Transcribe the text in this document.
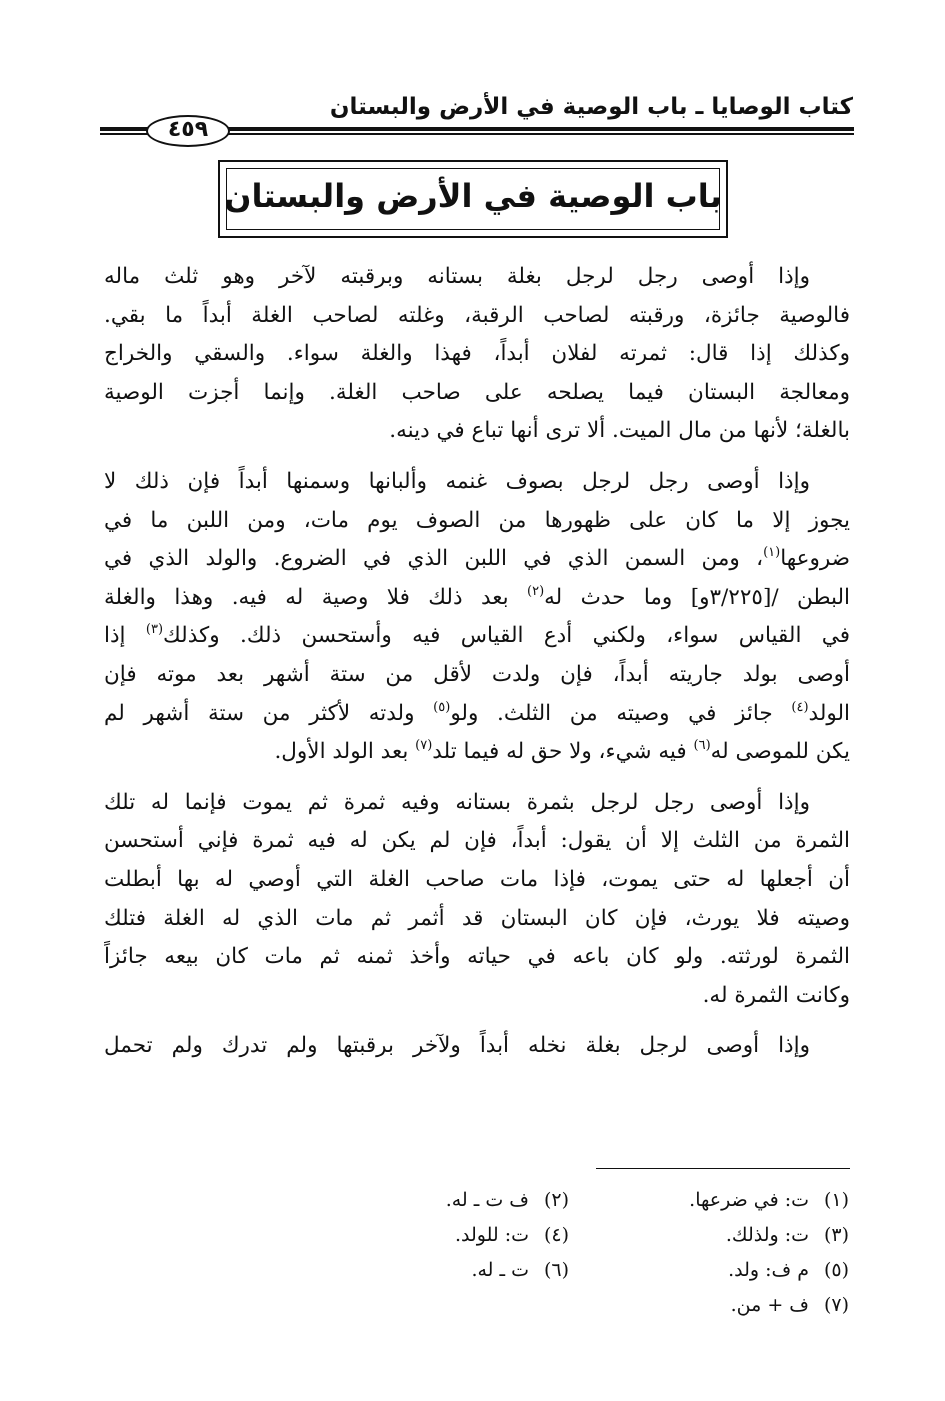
كتاب الوصايا ـ باب الوصية في الأرض والبستان
٤٥٩
باب الوصية في الأرض والبستان
وإذا أوصى رجل لرجل بغلة بستانه وبرقبته لآخر وهو ثلث ماله
فالوصية جائزة، ورقبته لصاحب الرقبة، وغلته لصاحب الغلة أبداً ما بقي.
وكذلك إذا قال: ثمرته لفلان أبداً، فهذا والغلة سواء. والسقي والخراج
ومعالجة البستان فيما يصلحه على صاحب الغلة. وإنما أجزت الوصية
بالغلة؛ لأنها من مال الميت. ألا ترى أنها تباع في دينه.
وإذا أوصى رجل لرجل بصوف غنمه وألبانها وسمنها أبداً فإن ذلك لا
يجوز إلا ما كان على ظهورها من الصوف يوم مات، ومن اللبن ما في
ضروعها$^{(١)}$، ومن السمن الذي في اللبن الذي في الضروع. والولد الذي في
البطن /[٣/٢٢٥و] وما حدث له$^{(٢)}$ بعد ذلك فلا وصية له فيه. وهذا والغلة
في القياس سواء، ولكني أدع القياس فيه وأستحسن ذلك. وكذلك$^{(٣)}$ إذا
أوصى بولد جاريته أبداً، فإن ولدت لأقل من ستة أشهر بعد موته فإن
الولد$^{(٤)}$ جائز في وصيته من الثلث. ولو$^{(٥)}$ ولدته لأكثر من ستة أشهر لم
يكن للموصى له$^{(٦)}$ فيه شيء، ولا حق له فيما تلد$^{(٧)}$ بعد الولد الأول.
وإذا أوصى رجل لرجل بثمرة بستانه وفيه ثمرة ثم يموت فإنما له تلك
الثمرة من الثلث إلا أن يقول: أبداً، فإن لم يكن له فيه ثمرة فإني أستحسن
أن أجعلها له حتى يموت، فإذا مات صاحب الغلة التي أوصي له بها أبطلت
وصيته فلا يورث، فإن كان البستان قد أثمر ثم مات الذي له الغلة فتلك
الثمرة لورثته. ولو كان باعه في حياته وأخذ ثمنه ثم مات كان بيعه جائزاً
وكانت الثمرة له.
وإذا أوصى لرجل بغلة نخله أبداً ولآخر برقبتها ولم تدرك ولم تحمل
(١)ت: في ضرعها.
(٢)ف ت ـ له.
(٣)ت: ولذلك.
(٤)ت: للولد.
(٥)م ف: ولد.
(٦)ت ـ له.
(٧)ف + من.
